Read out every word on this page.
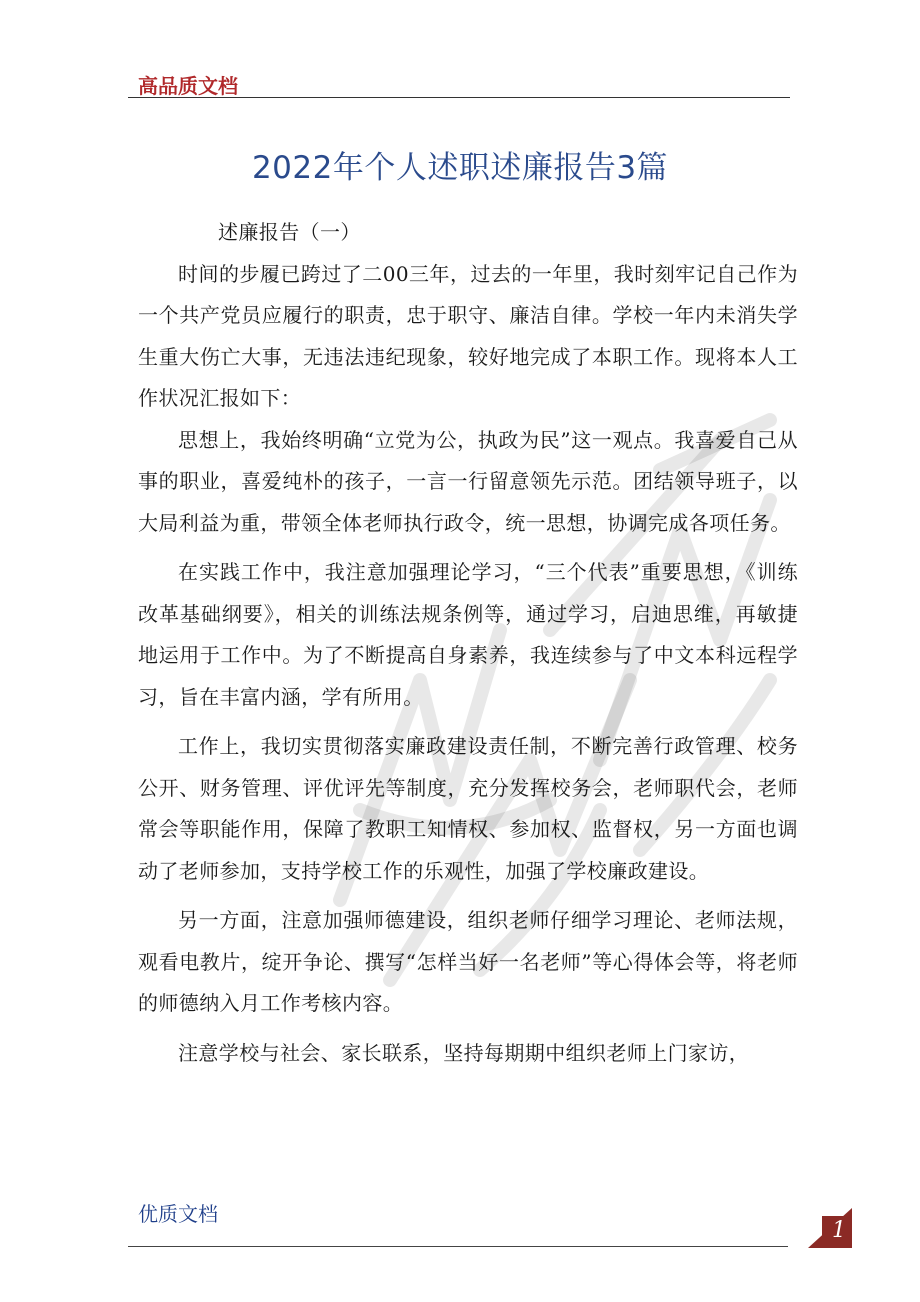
高品质文档
2022年个人述职述廉报告3篇

述廉报告（一）

时间的步履已跨过了二00三年，过去的一年里，我时刻牢记自己作为一个共产党员应履行的职责，忠于职守、廉洁自律。学校一年内未消失学生重大伤亡大事，无违法违纪现象，较好地完成了本职工作。现将本人工作状况汇报如下：

思想上，我始终明确“立党为公，执政为民”这一观点。我喜爱自己从事的职业，喜爱纯朴的孩子，一言一行留意领先示范。团结领导班子，以大局利益为重，带领全体老师执行政令，统一思想，协调完成各项任务。

在实践工作中，我注意加强理论学习，“三个代表”重要思想，《训练改革基础纲要》，相关的训练法规条例等，通过学习，启迪思维，再敏捷地运用于工作中。为了不断提高自身素养，我连续参与了中文本科远程学习，旨在丰富内涵，学有所用。

工作上，我切实贯彻落实廉政建设责任制，不断完善行政管理、校务公开、财务管理、评优评先等制度，充分发挥校务会，老师职代会，老师常会等职能作用，保障了教职工知情权、参加权、监督权，另一方面也调动了老师参加，支持学校工作的乐观性，加强了学校廉政建设。

另一方面，注意加强师德建设，组织老师仔细学习理论、老师法规，观看电教片，绽开争论、撰写“怎样当好一名老师”等心得体会等，将老师的师德纳入月工作考核内容。

注意学校与社会、家长联系，坚持每期期中组织老师上门家访，

优质文档
1
